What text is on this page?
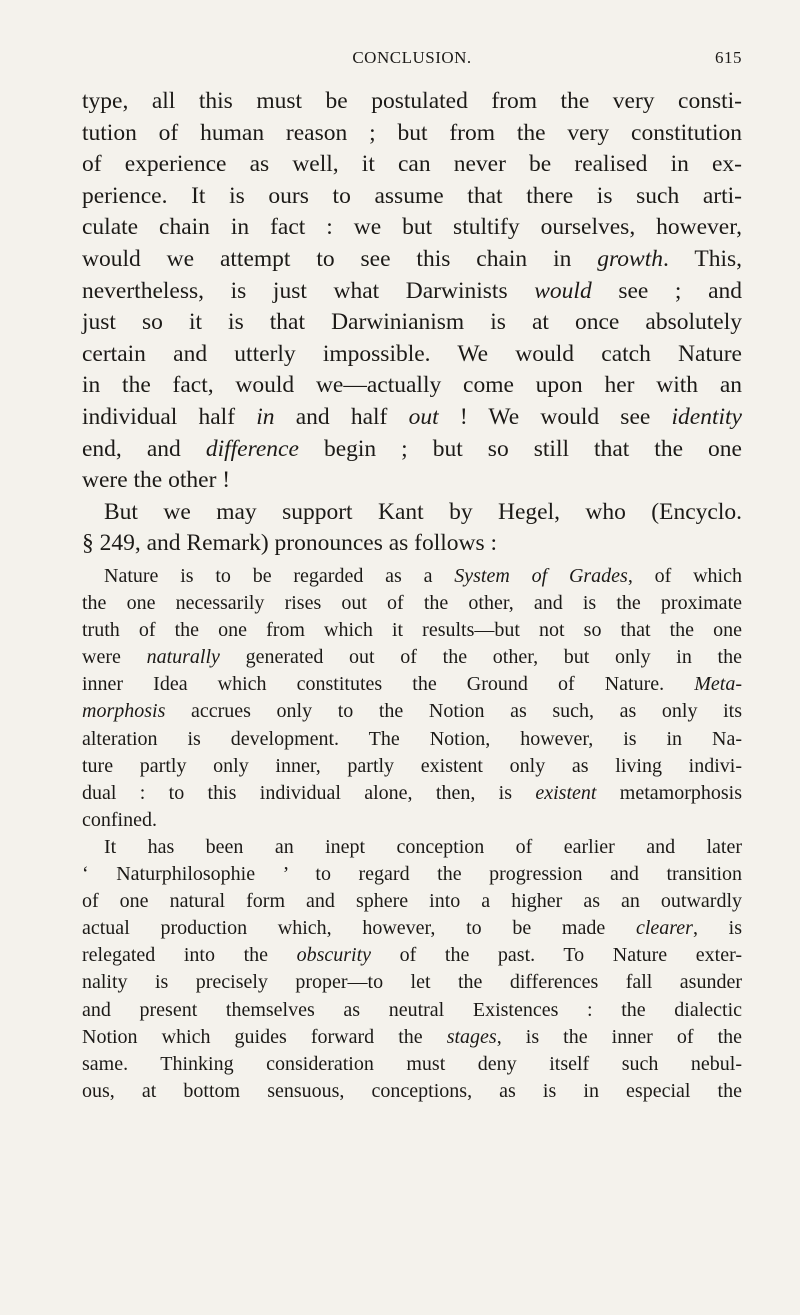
CONCLUSION.	615
type, all this must be postulated from the very consti-
tution of human reason ; but from the very constitution
of experience as well, it can never be realised in ex-
perience. It is ours to assume that there is such arti-
culate chain in fact : we but stultify ourselves, however,
would we attempt to see this chain in growth. This,
nevertheless, is just what Darwinists would see ; and
just so it is that Darwinianism is at once absolutely
certain and utterly impossible. We would catch Nature
in the fact, would we—actually come upon her with an
individual half in and half out ! We would see identity
end, and difference begin ; but so still that the one
were the other !
But we may support Kant by Hegel, who (Encyclo.
§ 249, and Remark) pronounces as follows :
Nature is to be regarded as a System of Grades, of which
the one necessarily rises out of the other, and is the proximate
truth of the one from which it results—but not so that the one
were naturally generated out of the other, but only in the
inner Idea which constitutes the Ground of Nature. Meta-
morphosis accrues only to the Notion as such, as only its
alteration is development. The Notion, however, is in Na-
ture partly only inner, partly existent only as living indivi-
dual : to this individual alone, then, is existent metamorphosis
confined.
It has been an inept conception of earlier and later
‘ Naturphilosophie ’ to regard the progression and transition
of one natural form and sphere into a higher as an outwardly
actual production which, however, to be made clearer, is
relegated into the obscurity of the past. To Nature exter-
nality is precisely proper—to let the differences fall asunder
and present themselves as neutral Existences : the dialectic
Notion which guides forward the stages, is the inner of the
same. Thinking consideration must deny itself such nebul-
ous, at bottom sensuous, conceptions, as is in especial the
